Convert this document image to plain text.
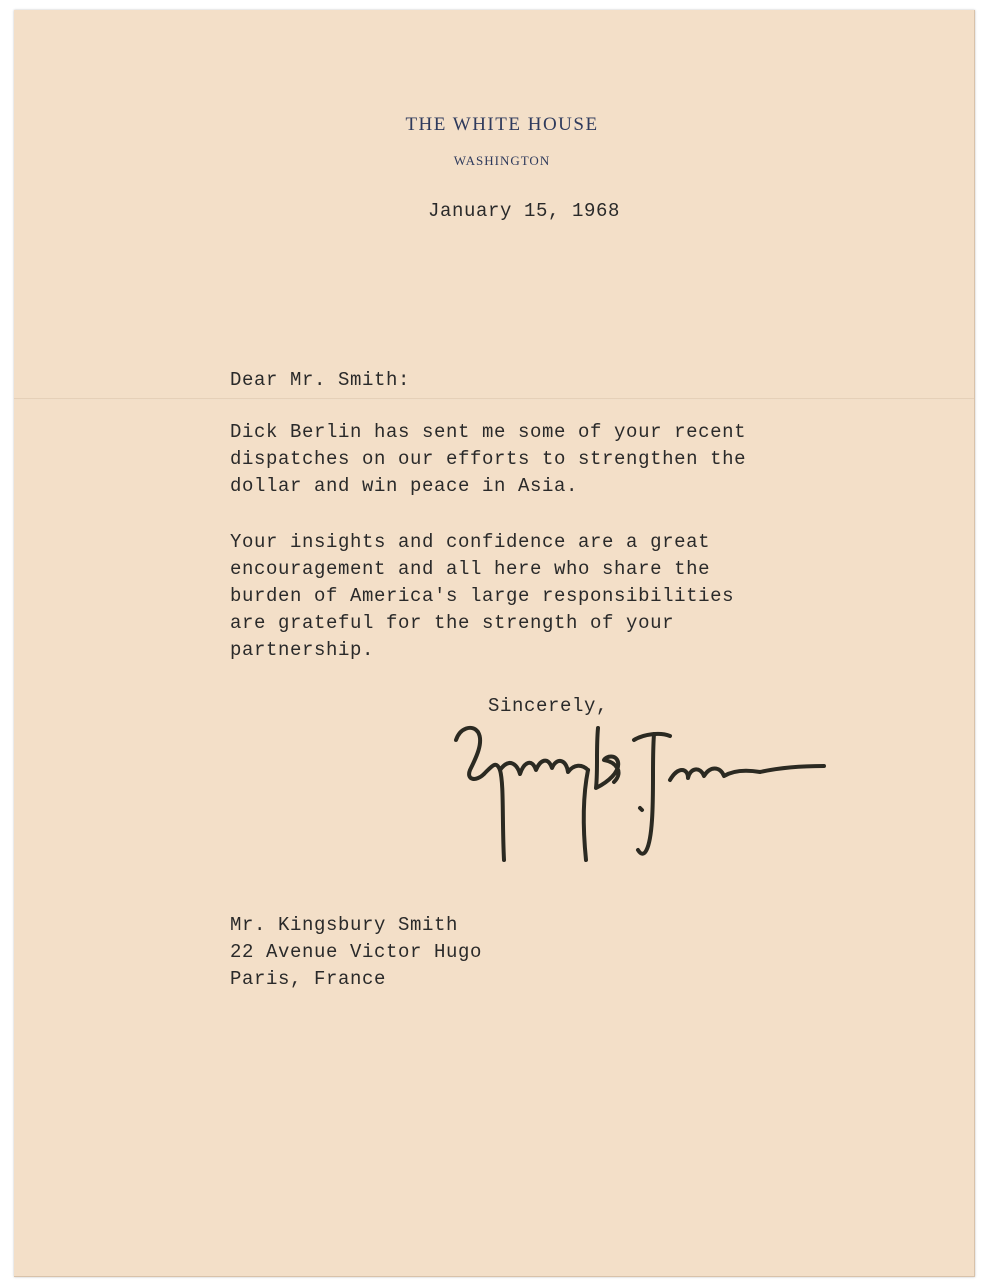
THE WHITE HOUSE
WASHINGTON
January 15, 1968
Dear Mr. Smith:
Dick Berlin has sent me some of your recent
dispatches on our efforts to strengthen the
dollar and win peace in Asia.
Your insights and confidence are a great
encouragement and all here who share the
burden of America's large responsibilities
are grateful for the strength of your
partnership.
Sincerely,
Mr. Kingsbury Smith
22 Avenue Victor Hugo
Paris, France
